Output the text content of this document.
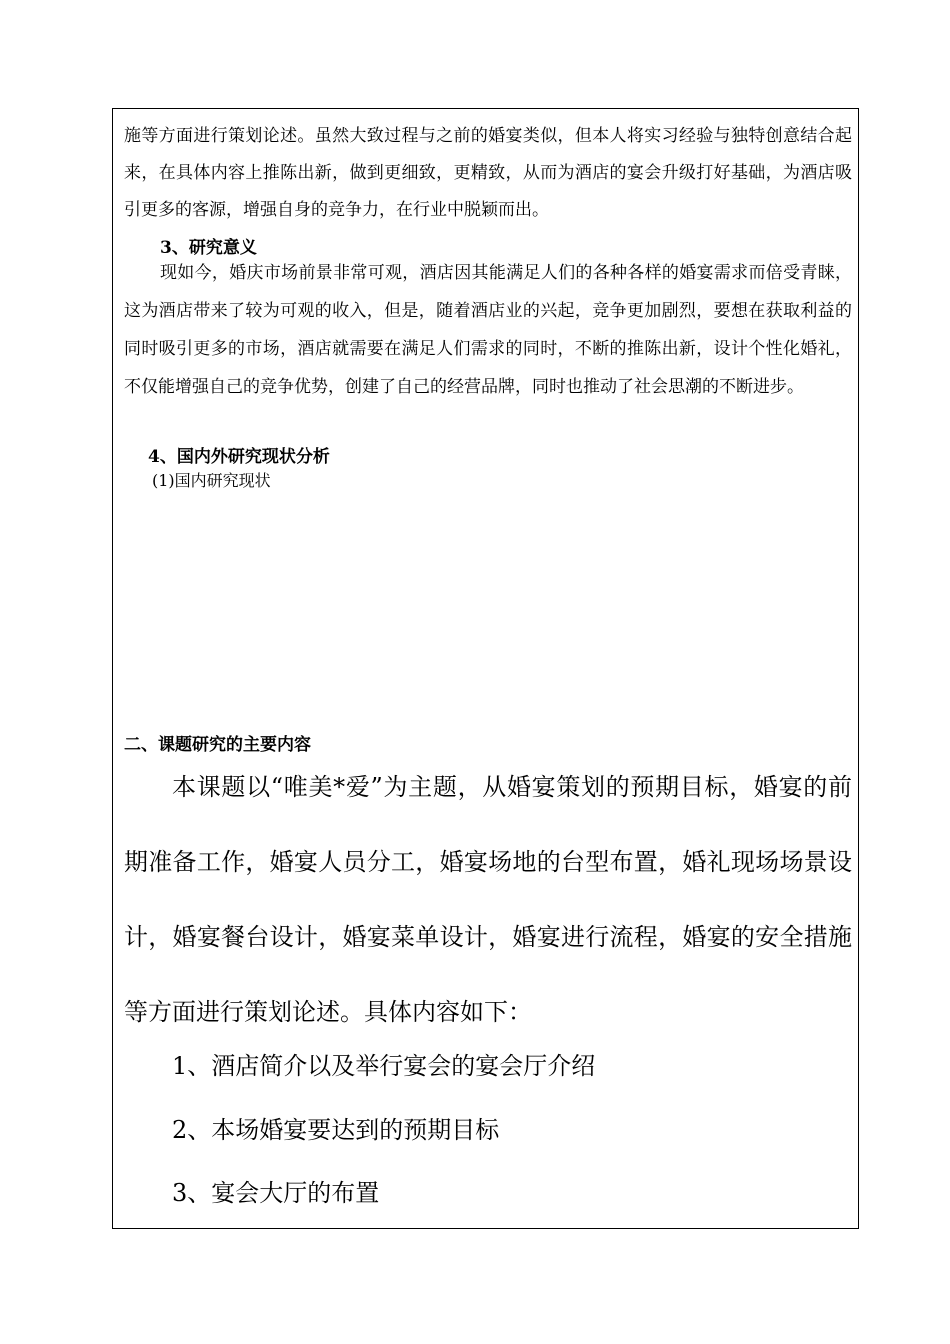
施等方面进行策划论述。虽然大致过程与之前的婚宴类似，但本人将实习经验与独特创意结合起来，在具体内容上推陈出新，做到更细致，更精致，从而为酒店的宴会升级打好基础，为酒店吸引更多的客源，增强自身的竞争力，在行业中脱颖而出。

3、研究意义

现如今，婚庆市场前景非常可观，酒店因其能满足人们的各种各样的婚宴需求而倍受青睐，这为酒店带来了较为可观的收入，但是，随着酒店业的兴起，竞争更加剧烈，要想在获取利益的同时吸引更多的市场，酒店就需要在满足人们需求的同时，不断的推陈出新，设计个性化婚礼，不仅能增强自己的竞争优势，创建了自己的经营品牌，同时也推动了社会思潮的不断进步。

4、国内外研究现状分析
(1)国内研究现状
二、课题研究的主要内容

本课题以“唯美*爱”为主题，从婚宴策划的预期目标，婚宴的前期准备工作，婚宴人员分工，婚宴场地的台型布置，婚礼现场场景设计，婚宴餐台设计，婚宴菜单设计，婚宴进行流程，婚宴的安全措施等方面进行策划论述。具体内容如下：

1、酒店简介以及举行宴会的宴会厅介绍
2、本场婚宴要达到的预期目标
3、宴会大厅的布置
